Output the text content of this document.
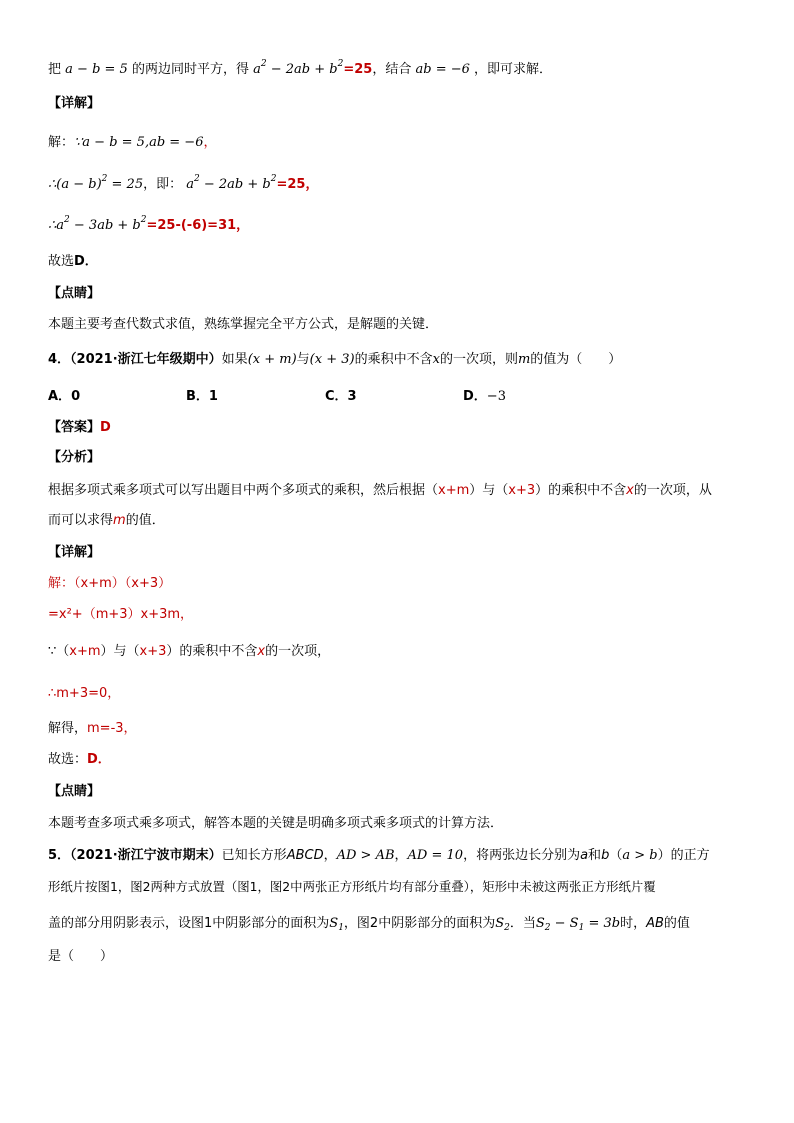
把 a − b = 5 的两边同时平方，得 $a^2 - 2ab + b^2=25$，结合 ab = −6 ，即可求解．
【详解】
解：∵a − b = 5,ab = −6，
∴(a − b)$^2$ = 25，即： $a^2 - 2ab + b^2=25$，
$\therefore a^2 - 3ab + b^2=25-(-6)=31$，
故选D．
【点睛】
本题主要考查代数式求值，熟练掌握完全平方公式，是解题的关键．
4．（2021·浙江七年级期中）如果(x + m)与(x + 3)的乘积中不含x的一次项，则m的值为（　　）
A．0	B．1	C．3	D．−3
【答案】D
【分析】
根据多项式乘多项式可以写出题目中两个多项式的乘积，然后根据（x+m）与（x+3）的乘积中不含x的一次项，从
而可以求得m的值．
【详解】
解：（x+m）（x+3）
=x²+（m+3）x+3m，
∵（x+m）与（x+3）的乘积中不含x的一次项，
∴m+3=0，
解得，m=-3，
故选：D．
【点睛】
本题考查多项式乘多项式，解答本题的关键是明确多项式乘多项式的计算方法．
5．（2021·浙江宁波市期末）已知长方形ABCD，AD > AB，AD = 10，将两张边长分别为a和b（a > b）的正方
形纸片按图1，图2两种方式放置（图1，图2中两张正方形纸片均有部分重叠），矩形中未被这两张正方形纸片覆
盖的部分用阴影表示，设图1中阴影部分的面积为$S_1$，图2中阴影部分的面积为$S_2$．当$S_2 - S_1 = 3b$时，AB的值
是（　　）
